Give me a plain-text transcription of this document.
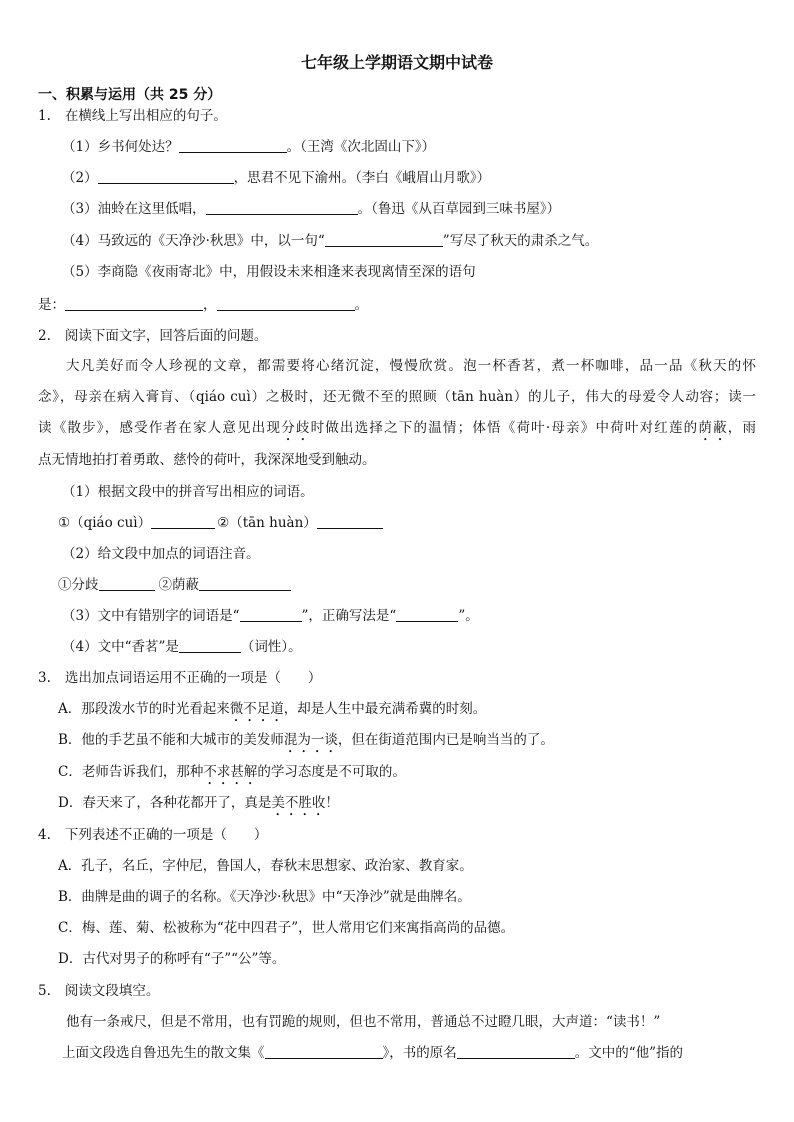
七年级上学期语文期中试卷
一、积累与运用（共 25 分）
1. 在横线上写出相应的句子。
（1）乡书何处达？	。（王湾《次北固山下》）
（2）	，思君不见下渝州。（李白《峨眉山月歌》）
（3）油蛉在这里低唱，	。（鲁迅《从百草园到三味书屋》）
（4）马致远的《天净沙·秋思》中，以一句“	”写尽了秋天的肃杀之气。
（5）李商隐《夜雨寄北》中，用假设未来相逢来表现离情至深的语句
是：	，	。
2. 阅读下面文字，回答后面的问题。
大凡美好而令人珍视的文章，都需要将心绪沉淀，慢慢欣赏。泡一杯香茗，煮一杯咖啡，品一品《秋天的怀
念》，母亲在病入膏肓、（qiáo cuì）之极时，还无微不至的照顾（tān huàn）的儿子，伟大的母爱令人动容；读一
读《散步》，感受作者在家人意见出现分歧时做出选择之下的温情；体悟《荷叶·母亲》中荷叶对红莲的荫蔽，雨
点无情地拍打着勇敢、慈怜的荷叶，我深深地受到触动。
（1）根据文段中的拼音写出相应的词语。
①（qiáo cuì）	②（tān huàn）
（2）给文段中加点的词语注音。
①分歧	②荫蔽
（3）文中有错别字的词语是“	”，正确写法是“	”。
（4）文中“香茗”是	（词性）。
3. 选出加点词语运用不正确的一项是（　　）
A．那段泼水节的时光看起来微不足道，却是人生中最充满希冀的时刻。
B．他的手艺虽不能和大城市的美发师混为一谈，但在街道范围内已是响当当的了。
C．老师告诉我们，那种不求甚解的学习态度是不可取的。
D．春天来了，各种花都开了，真是美不胜收！
4. 下列表述不正确的一项是（　　）
A．孔子，名丘，字仲尼，鲁国人，春秋末思想家、政治家、教育家。
B．曲牌是曲的调子的名称。《天净沙·秋思》中“天净沙”就是曲牌名。
C．梅、莲、菊、松被称为“花中四君子”，世人常用它们来寓指高尚的品德。
D．古代对男子的称呼有“子”“公”等。
5. 阅读文段填空。
他有一条戒尺，但是不常用，也有罚跪的规则，但也不常用，普通总不过瞪几眼，大声道：“读书！”
上面文段选自鲁迅先生的散文集《	》，书的原名	。文中的“他”指的
